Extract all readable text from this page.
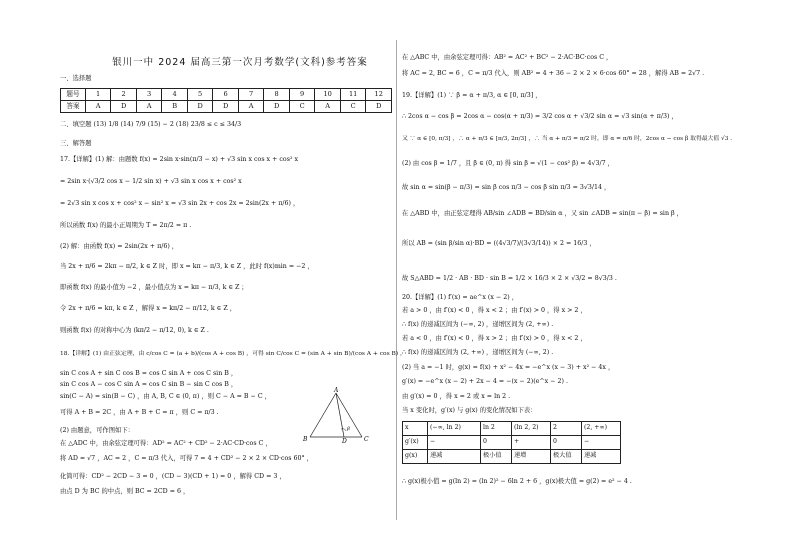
银川一中 2024 届高三第一次月考数学(文科)参考答案
一、选择题
题号	1	2	3	4	5	6	7	8	9	10	11	12
答案	A	D	A	B	D	D	A	D	C	A	C	D
二、填空题 (13) 1/8 (14) 7/9 (15) − 2 (18) 23/8 ≤ c ≤ 34/3
三、解答题
17.【详解】(1) 解：由题数 f(x) = 2sin x·sin(π/3 − x) + √3 sin x cos x + cos² x
= 2sin x·(√3/2 cos x − 1/2 sin x) + √3 sin x cos x + cos² x
= 2√3 sin x cos x + cos² x − sin² x = √3 sin 2x + cos 2x = 2sin(2x + π/6) ，
所以函数 f(x) 的最小正周期为 T = 2π/2 = π .
(2) 解：由函数 f(x) = 2sin(2x + π/6) ，
当 2x + π/6 = 2kπ − π/2, k ∈ Z 时，即 x = kπ − π/3, k ∈ Z ，此时 f(x)min = −2 ，
即函数 f(x) 的最小值为 −2 ，最小值点为 x = kπ − π/3, k ∈ Z ；
令 2x + π/6 = kπ, k ∈ Z ，解得 x = kπ/2 − π/12, k ∈ Z ，
则函数 f(x) 的对称中心为 (kπ/2 − π/12, 0), k ∈ Z .
18.【详解】(1) 由正弦定理，由 c/cos C = (a + b)/(cos A + cos B) ，可得 sin C/cos C = (sin A + sin B)/(cos A + cos B) ，
sin C cos A + sin C cos B = cos C sin A + cos C sin B ，
sin C cos A − cos C sin A = cos C sin B − sin C cos B ，
sin(C − A) = sin(B − C) ，由 A, B, C ∈ (0, π) ，则 C − A = B − C ，
可得 A + B = 2C ，由 A + B + C = π ，则 C = π/3 .
(2) 由题意，可作图如下：
在 △ADC 中，由余弦定理可得：AD² = AC² + CD² − 2·AC·CD·cos C ，
将 AD = √7 ，AC = 2 ，C = π/3 代入，可得 7 = 4 + CD² − 2 × 2 × CD·cos 60° ，
化简可得：CD² − 2CD − 3 = 0 ，(CD − 3)(CD + 1) = 0 ，解得 CD = 3 ，
由点 D 为 BC 的中点，则 BC = 2CD = 6 ，
A
B	C
D
β
在 △ABC 中，由余弦定理可得：AB² = AC² + BC² − 2·AC·BC·cos C ，
将 AC = 2, BC = 6 ，C = π/3 代入，则 AB² = 4 + 36 − 2 × 2 × 6·cos 60° = 28 ，解得 AB = 2√7 .
19.【详解】(1) ∵ β = α + π/3, α ∈ [0, π/3] ，
∴ 2cos α − cos β = 2cos α − cos(α + π/3) = 3/2 cos α + √3/2 sin α = √3 sin(α + π/3) ，
又 ∵ α ∈ [0, π/3] ，∴ α + π/3 ∈ [π/3, 2π/3] ，∴ 当 α + π/3 = π/2 时，即 α = π/6 时，2cos α − cos β 取得最大值 √3 .
(2) 由 cos β = 1/7 ，且 β ∈ (0, π) 得 sin β = √(1 − cos² β) = 4√3/7 ，
故 sin α = sin(β − π/3) = sin β cos π/3 − cos β sin π/3 = 3√3/14 ，
在 △ABD 中，由正弦定理得 AB/sin ∠ADB = BD/sin α ，又 sin ∠ADB = sin(π − β) = sin β ，
所以 AB = (sin β/sin α)·BD = ((4√3/7)/(3√3/14)) × 2 = 16/3 ，
故 S△ABD = 1/2 · AB · BD · sin B = 1/2 × 16/3 × 2 × √3/2 = 8√3/3 .
20.【详解】(1) f′(x) = ae^x (x − 2) ，
若 a > 0 ，由 f′(x) < 0 ，得 x < 2 ；由 f′(x) > 0 ，得 x > 2 ，
∴ f(x) 的递减区间为 (−∞, 2) ，递增区间为 (2, +∞) .
若 a < 0 ，由 f′(x) < 0 ，得 x > 2 ；由 f′(x) > 0 ，得 x < 2 ，
∴ f(x) 的递减区间为 (2, +∞) ，递增区间为 (−∞, 2) .
(2) 当 a = −1 时，g(x) = f(x) + x² − 4x = −e^x (x − 3) + x² − 4x ，
g′(x) = −e^x (x − 2) + 2x − 4 = −(x − 2)(e^x − 2) .
由 g′(x) = 0 ，得 x = 2 或 x = ln 2 .
当 x 变化时，g′(x) 与 g(x) 的变化情况如下表：
x	(−∞, ln 2)	ln 2	(ln 2, 2)	2	(2, +∞)
g′(x)	−	0	+	0	−
g(x)	递减	极小值	递增	极大值	递减
∴ g(x)极小值 = g(ln 2) = (ln 2)² − 6ln 2 + 6 ，g(x)极大值 = g(2) = e² − 4 .
